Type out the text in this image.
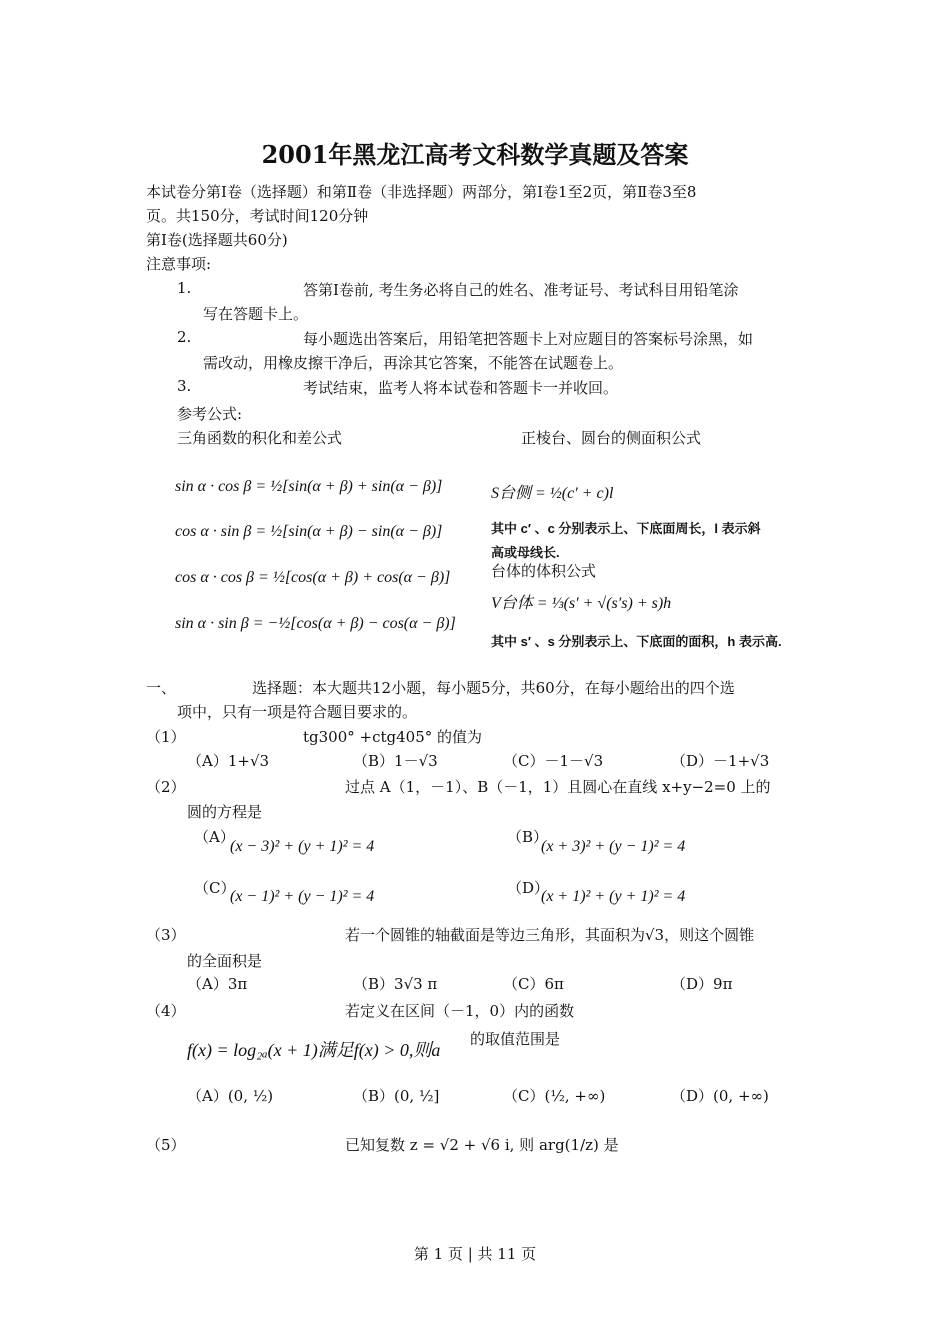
2001年黑龙江高考文科数学真题及答案
本试卷分第Ⅰ卷（选择题）和第Ⅱ卷（非选择题）两部分，第Ⅰ卷1至2页，第Ⅱ卷3至8
页。共150分，考试时间120分钟
第Ⅰ卷(选择题共60分)
注意事项:
1.	答第Ⅰ卷前, 考生务必将自己的姓名、准考证号、考试科目用铅笔涂
写在答题卡上。
2.	每小题选出答案后，用铅笔把答题卡上对应题目的答案标号涂黑，如
需改动，用橡皮擦干净后，再涂其它答案，不能答在试题卷上。
3.	考试结束，监考人将本试卷和答题卡一并收回。
参考公式:
三角函数的积化和差公式	正棱台、圆台的侧面积公式
sin α · cos β = ½[sin(α + β) + sin(α − β)]
cos α · sin β = ½[sin(α + β) − sin(α − β)]
cos α · cos β = ½[cos(α + β) + cos(α − β)]
sin α · sin β = −½[cos(α + β) − cos(α − β)]
S台侧 = ½(c′ + c)l
其中 c′ 、c 分别表示上、下底面周长，l 表示斜
高或母线长.
台体的体积公式
V台体 = ⅓(s′ + √(s′s) + s)h
其中 s′ 、s 分别表示上、下底面的面积，h 表示高.
一、	选择题：本大题共12小题，每小题5分，共60分，在每小题给出的四个选
项中，只有一项是符合题目要求的。
（1）	tg300° +ctg405° 的值为
（A）1+√3	（B）1－√3	（C）－1－√3	（D）－1+√3
（2）	过点 A（1，－1）、B（－1，1）且圆心在直线 x+y−2=0 上的
圆的方程是
（A）
(x − 3)² + (y + 1)² = 4
（B）
(x + 3)² + (y − 1)² = 4
（C）
(x − 1)² + (y − 1)² = 4	（D）
(x + 1)² + (y + 1)² = 4
（3）	若一个圆锥的轴截面是等边三角形，其面积为√3，则这个圆锥
的全面积是
（A）3π	（B）3√3 π	（C）6π	（D）9π
（4）	若定义在区间（－1，0）内的函数
f(x) = log₂ₐ(x + 1)满足f(x) > 0,则a
的取值范围是
（A）(0, ½)	（B）(0, ½]	（C）(½, +∞)	（D）(0, +∞)
（5）	已知复数 z = √2 + √6 i, 则 arg(1/z) 是
第 1 页 | 共 11 页
